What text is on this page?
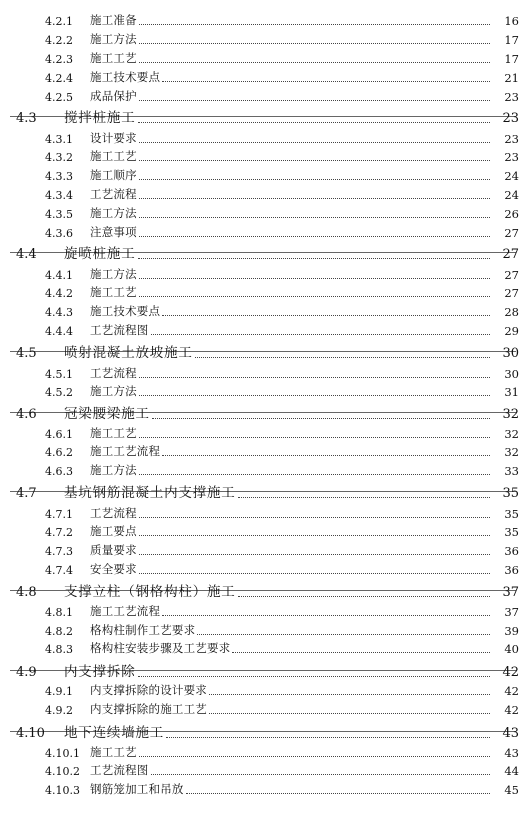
4.2.1	施工准备	16
4.2.2	施工方法	17
4.2.3	施工工艺	17
4.2.4	施工技术要点	21
4.2.5	成品保护	23
4.3	搅拌桩施工	23
4.3.1	设计要求	23
4.3.2	施工工艺	23
4.3.3	施工顺序	24
4.3.4	工艺流程	24
4.3.5	施工方法	26
4.3.6	注意事项	27
4.4	旋喷桩施工	27
4.4.1	施工方法	27
4.4.2	施工工艺	27
4.4.3	施工技术要点	28
4.4.4	工艺流程图	29
4.5	喷射混凝土放坡施工	30
4.5.1	工艺流程	30
4.5.2	施工方法	31
4.6	冠梁腰梁施工	32
4.6.1	施工工艺	32
4.6.2	施工工艺流程	32
4.6.3	施工方法	33
4.7	基坑钢筋混凝土内支撑施工	35
4.7.1	工艺流程	35
4.7.2	施工要点	35
4.7.3	质量要求	36
4.7.4	安全要求	36
4.8	支撑立柱（钢格构柱）施工	37
4.8.1	施工工艺流程	37
4.8.2	格构柱制作工艺要求	39
4.8.3	格构柱安装步骤及工艺要求	40
4.9	内支撑拆除	42
4.9.1	内支撑拆除的设计要求	42
4.9.2	内支撑拆除的施工工艺	42
4.10	地下连续墙施工	43
4.10.1 施工工艺	43
4.10.2 工艺流程图	44
4.10.3 钢筋笼加工和吊放	45
